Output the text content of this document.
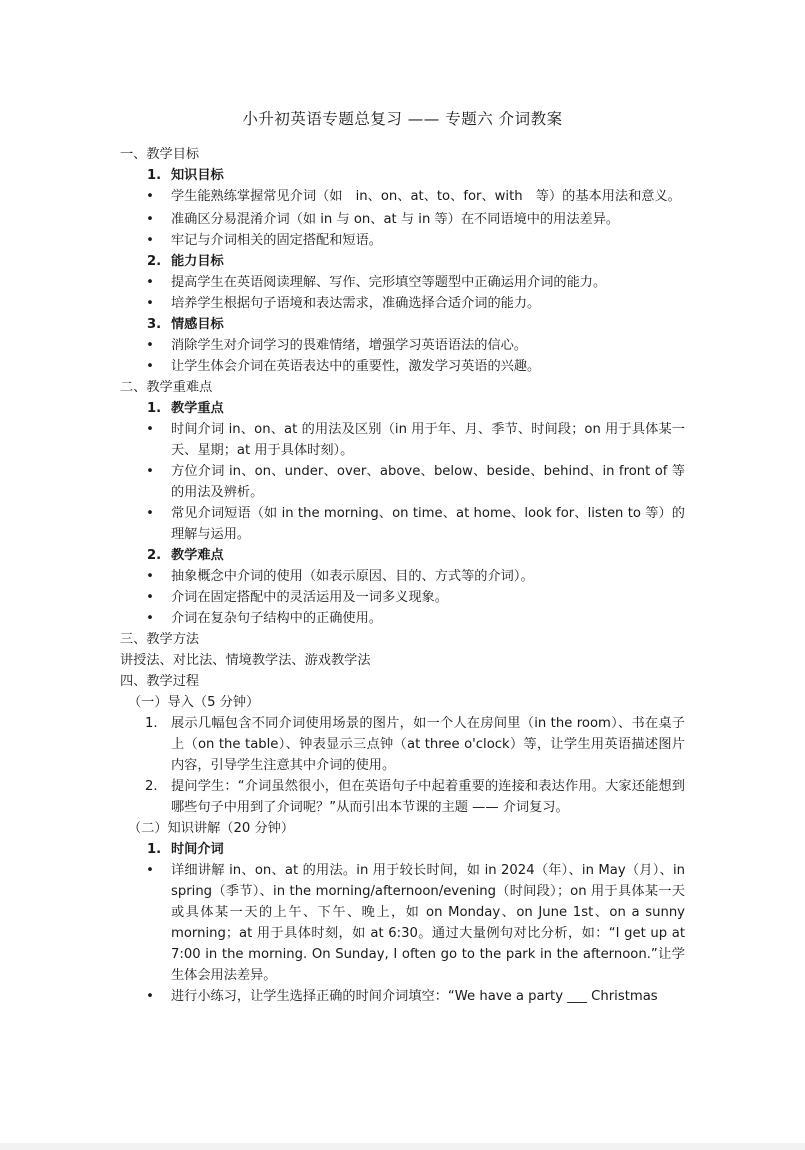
小升初英语专题总复习 —— 专题六 介词教案

一、教学目标

1. 知识目标

• 学生能熟练掌握常见介词（如　in、on、at、to、for、with　等）的基本用法和意义。

• 准确区分易混淆介词（如 in 与 on、at 与 in 等）在不同语境中的用法差异。

• 牢记与介词相关的固定搭配和短语。

2. 能力目标

• 提高学生在英语阅读理解、写作、完形填空等题型中正确运用介词的能力。

• 培养学生根据句子语境和表达需求，准确选择合适介词的能力。

3. 情感目标

• 消除学生对介词学习的畏难情绪，增强学习英语语法的信心。

• 让学生体会介词在英语表达中的重要性，激发学习英语的兴趣。

二、教学重难点

1. 教学重点

• 时间介词 in、on、at 的用法及区别（in 用于年、月、季节、时间段；on 用于具体某一天、星期；at 用于具体时刻）。

• 方位介词 in、on、under、over、above、below、beside、behind、in front of 等的用法及辨析。

• 常见介词短语（如 in the morning、on time、at home、look for、listen to 等）的理解与运用。

2. 教学难点

• 抽象概念中介词的使用（如表示原因、目的、方式等的介词）。

• 介词在固定搭配中的灵活运用及一词多义现象。

• 介词在复杂句子结构中的正确使用。

三、教学方法

讲授法、对比法、情境教学法、游戏教学法

四、教学过程

（一）导入（5 分钟）

1. 展示几幅包含不同介词使用场景的图片，如一个人在房间里（in the room）、书在桌子上（on the table）、钟表显示三点钟（at three o'clock）等，让学生用英语描述图片内容，引导学生注意其中介词的使用。

2. 提问学生：“介词虽然很小，但在英语句子中起着重要的连接和表达作用。大家还能想到哪些句子中用到了介词呢？”从而引出本节课的主题 —— 介词复习。

（二）知识讲解（20 分钟）

1. 时间介词

• 详细讲解 in、on、at 的用法。in 用于较长时间，如 in 2024（年）、in May（月）、in spring（季节）、in the morning/afternoon/evening（时间段）；on 用于具体某一天或具体某一天的上午、下午、晚上，如 on Monday、on June 1st、on a sunny morning；at 用于具体时刻，如 at 6:30。通过大量例句对比分析，如：“I get up at 7:00 in the morning. On Sunday, I often go to the park in the afternoon.”让学生体会用法差异。

• 进行小练习，让学生选择正确的时间介词填空：“We have a party ___ Christmas
